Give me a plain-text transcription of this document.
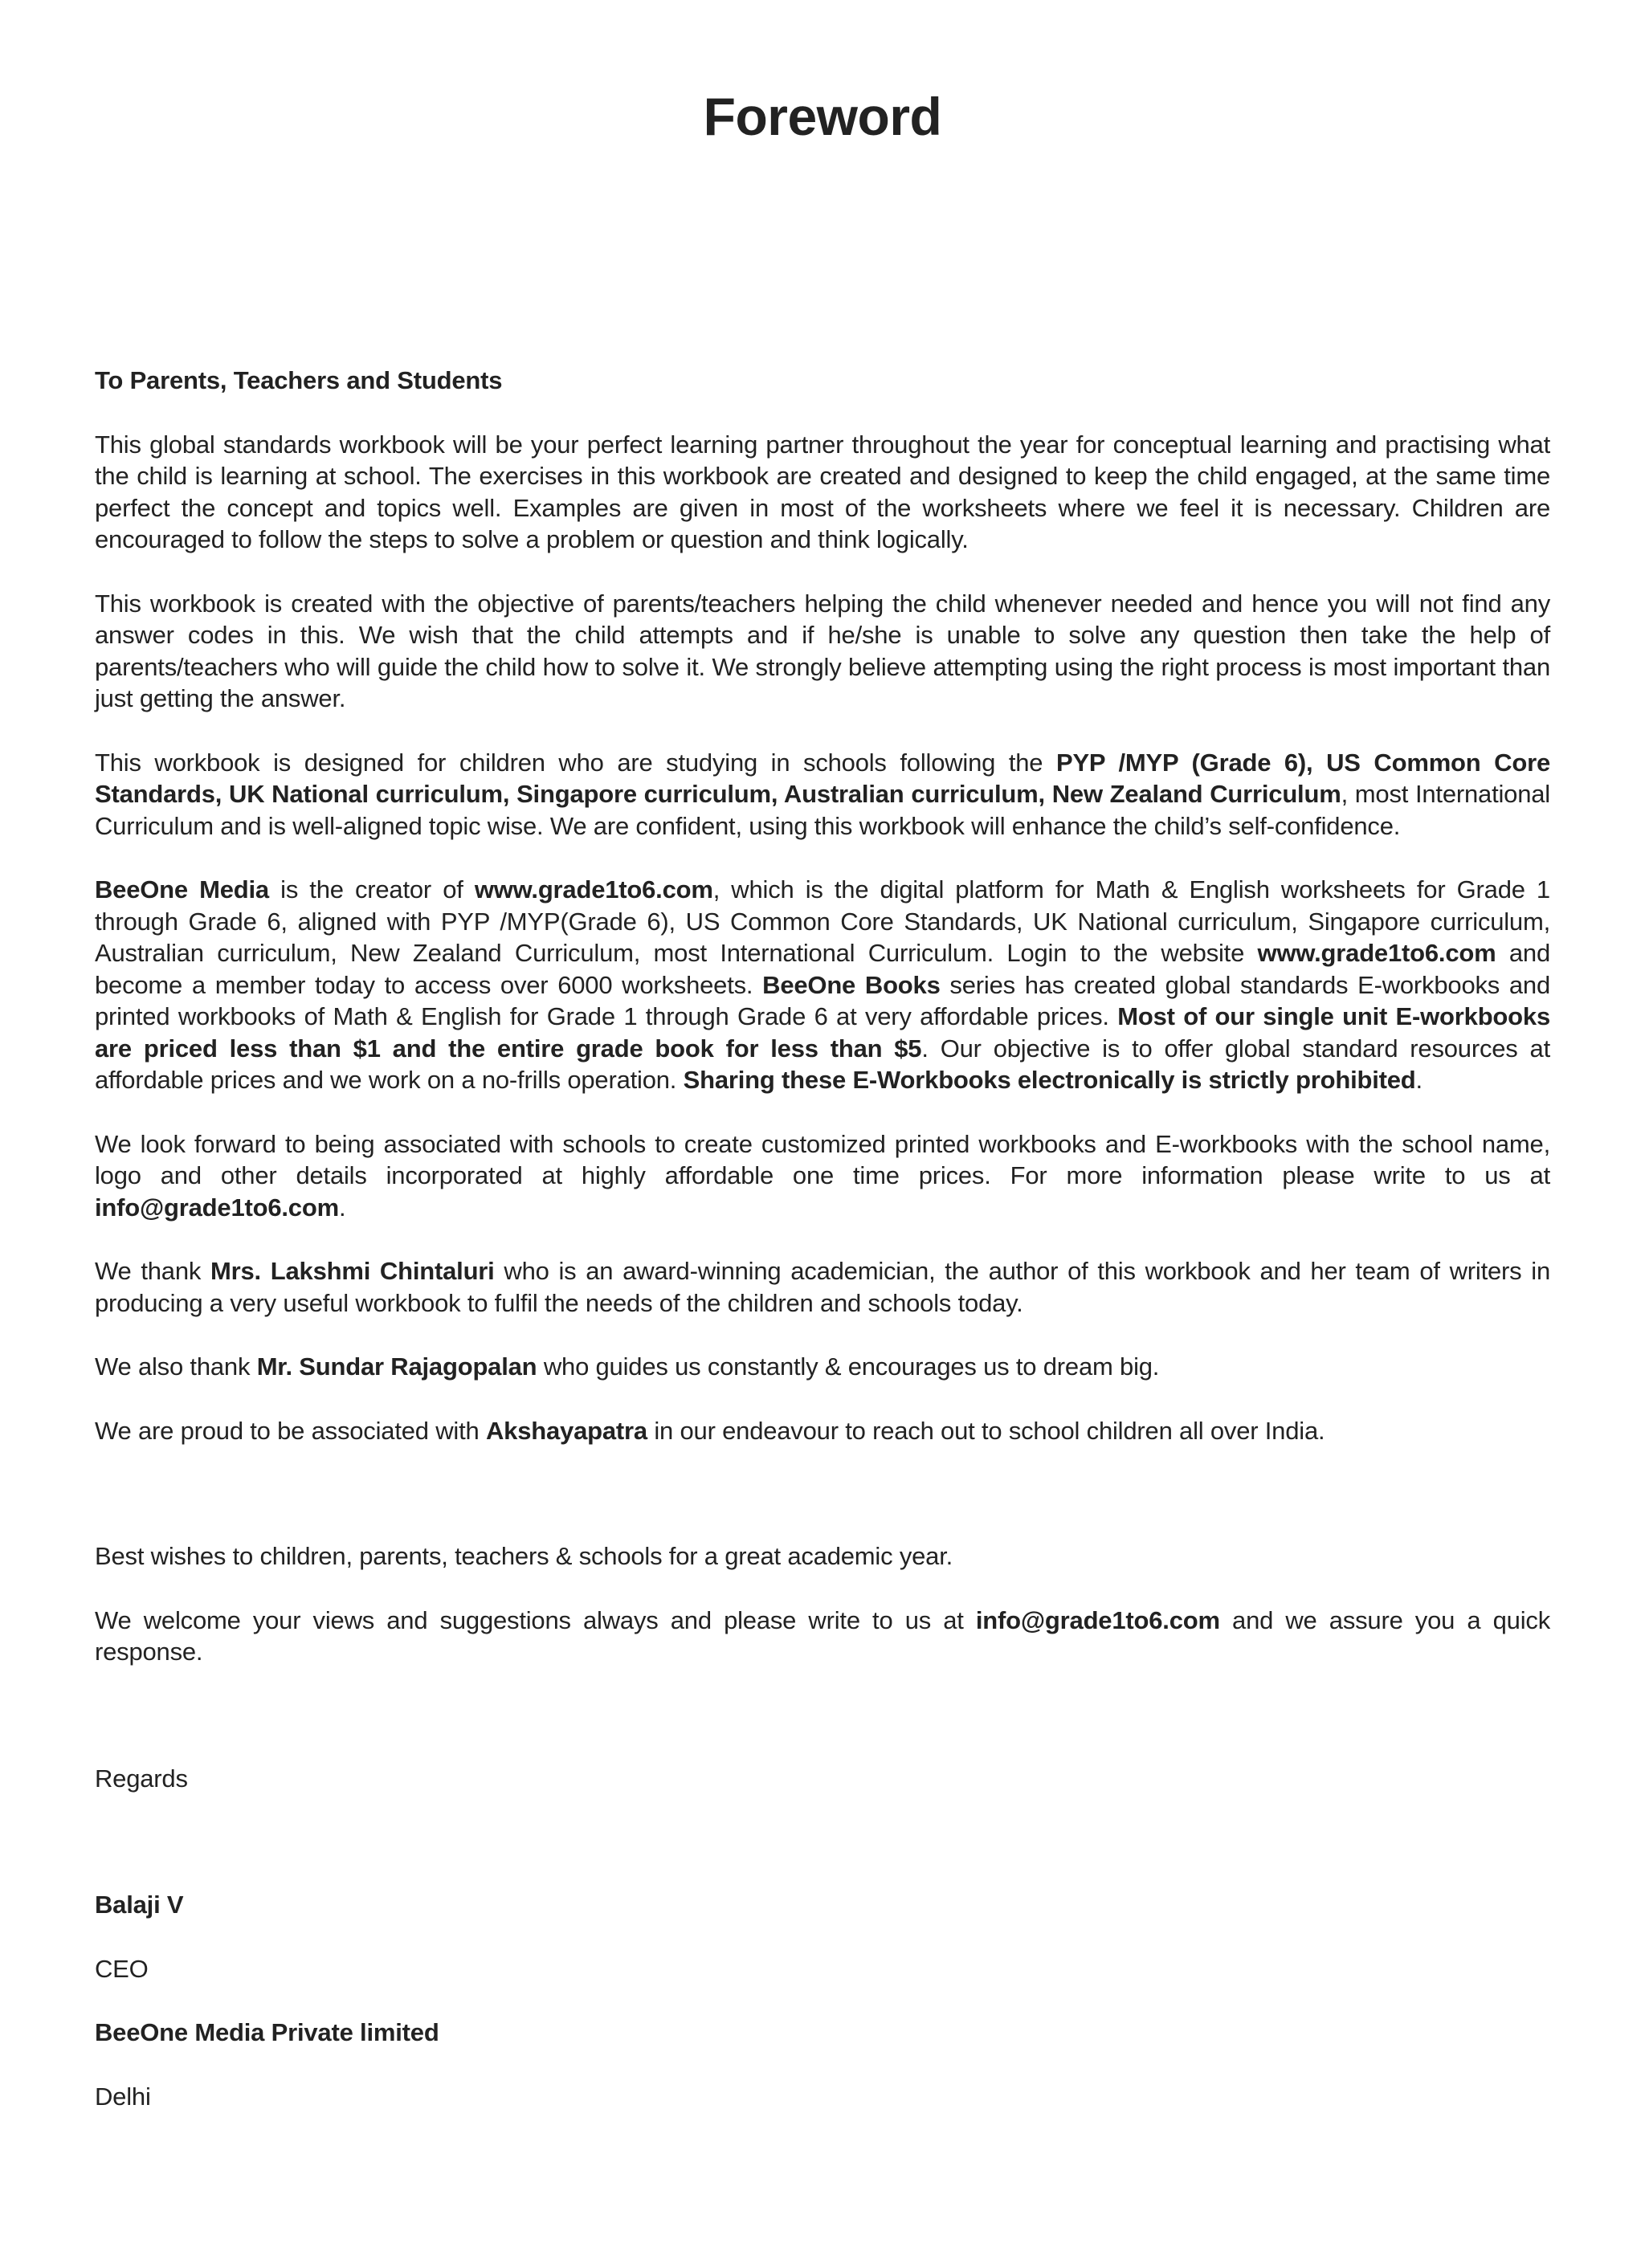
Foreword

To Parents, Teachers and Students

This global standards workbook will be your perfect learning partner throughout the year for conceptual learning and practising what the child is learning at school. The exercises in this workbook are created and designed to keep the child engaged, at the same time perfect the concept and topics well. Examples are given in most of the worksheets where we feel it is necessary. Children are encouraged to follow the steps to solve a problem or question and think logically.

This workbook is created with the objective of parents/teachers helping the child whenever needed and hence you will not find any answer codes in this. We wish that the child attempts and if he/she is unable to solve any question then take the help of parents/teachers who will guide the child how to solve it. We strongly believe attempting using the right process is most important than just getting the answer.

This workbook is designed for children who are studying in schools following the PYP /MYP (Grade 6), US Common Core Standards, UK National curriculum, Singapore curriculum, Australian curriculum, New Zealand Curriculum, most International Curriculum and is well-aligned topic wise. We are confident, using this workbook will enhance the child’s self-confidence.

BeeOne Media is the creator of www.grade1to6.com, which is the digital platform for Math & English worksheets for Grade 1 through Grade 6, aligned with PYP /MYP(Grade 6), US Common Core Standards, UK National curriculum, Singapore curriculum, Australian curriculum, New Zealand Curriculum, most International Curriculum. Login to the website www.grade1to6.com and become a member today to access over 6000 worksheets. BeeOne Books series has created global standards E-workbooks and printed workbooks of Math & English for Grade 1 through Grade 6 at very affordable prices. Most of our single unit E-workbooks are priced less than $1 and the entire grade book for less than $5. Our objective is to offer global standard resources at affordable prices and we work on a no-frills operation. Sharing these E-Workbooks electronically is strictly prohibited.

We look forward to being associated with schools to create customized printed workbooks and E-workbooks with the school name, logo and other details incorporated at highly affordable one time prices. For more information please write to us at info@grade1to6.com.

We thank Mrs. Lakshmi Chintaluri who is an award-winning academician, the author of this workbook and her team of writers in producing a very useful workbook to fulfil the needs of the children and schools today.

We also thank Mr. Sundar Rajagopalan who guides us constantly & encourages us to dream big.

We are proud to be associated with Akshayapatra in our endeavour to reach out to school children all over India.

Best wishes to children, parents, teachers & schools for a great academic year.

We welcome your views and suggestions always and please write to us at info@grade1to6.com and we assure you a quick response.

Regards

Balaji V

CEO

BeeOne Media Private limited

Delhi
